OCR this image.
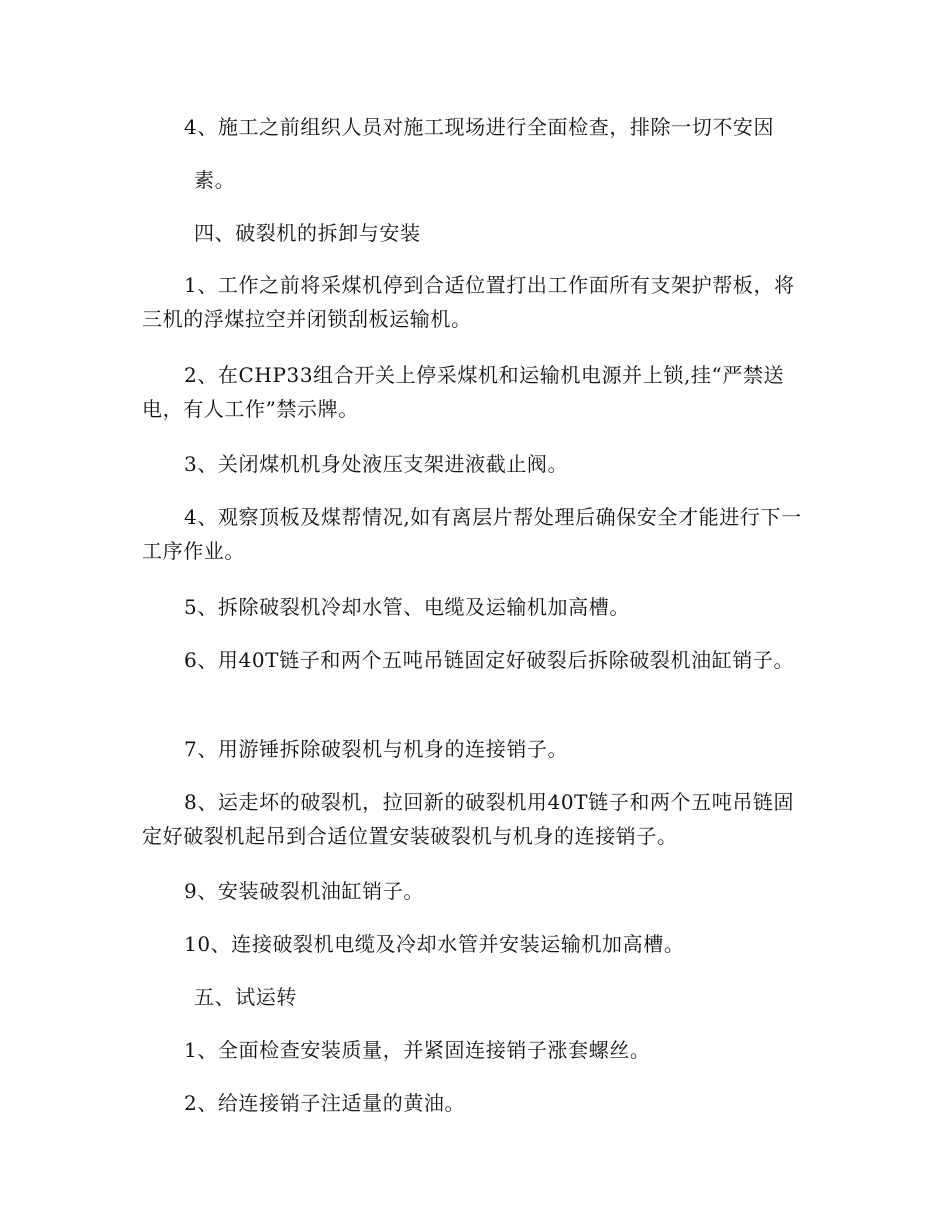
4、施工之前组织人员对施工现场进行全面检查，排除一切不安因

素。

四、破裂机的拆卸与安装

1、工作之前将采煤机停到合适位置打出工作面所有支架护帮板，将三机的浮煤拉空并闭锁刮板运输机。

2、在CHP33组合开关上停采煤机和运输机电源并上锁,挂“严禁送电，有人工作”禁示牌。

3、关闭煤机机身处液压支架进液截止阀。

4、观察顶板及煤帮情况,如有离层片帮处理后确保安全才能进行下一工序作业。

5、拆除破裂机冷却水管、电缆及运输机加高槽。

6、用40T链子和两个五吨吊链固定好破裂后拆除破裂机油缸销子。

7、用游锤拆除破裂机与机身的连接销子。

8、运走坏的破裂机，拉回新的破裂机用40T链子和两个五吨吊链固定好破裂机起吊到合适位置安装破裂机与机身的连接销子。

9、安装破裂机油缸销子。

10、连接破裂机电缆及冷却水管并安装运输机加高槽。

五、试运转

1、全面检查安装质量，并紧固连接销子涨套螺丝。

2、给连接销子注适量的黄油。
